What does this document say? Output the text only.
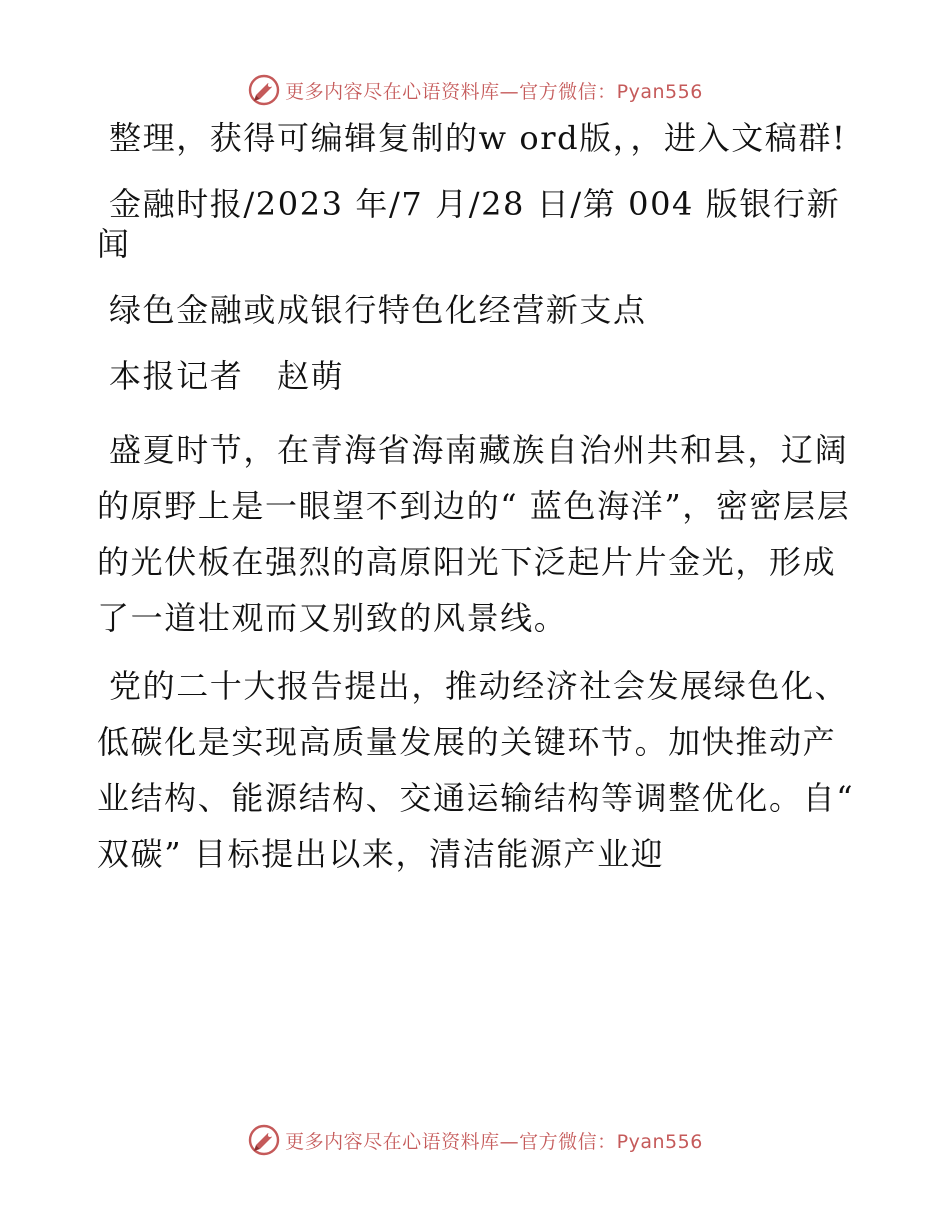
更多内容尽在心语资料库—官方微信：Pyan556

整理，获得可编辑复制的w ord版，，进入文稿群!

金融时报/2023 年/7 月/28 日/第 004 版银行新闻

绿色金融或成银行特色化经营新支点

本报记者　赵萌

盛夏时节，在青海省海南藏族自治州共和县，辽阔的原野上是一眼望不到边的“ 蓝色海洋”，密密层层的光伏板在强烈的高原阳光下泛起片片金光，形成了一道壮观而又别致的风景线。

党的二十大报告提出，推动经济社会发展绿色化、低碳化是实现高质量发展的关键环节。加快推动产业结构、能源结构、交通运输结构等调整优化。自“ 双碳” 目标提出以来，清洁能源产业迎

更多内容尽在心语资料库—官方微信：Pyan556
